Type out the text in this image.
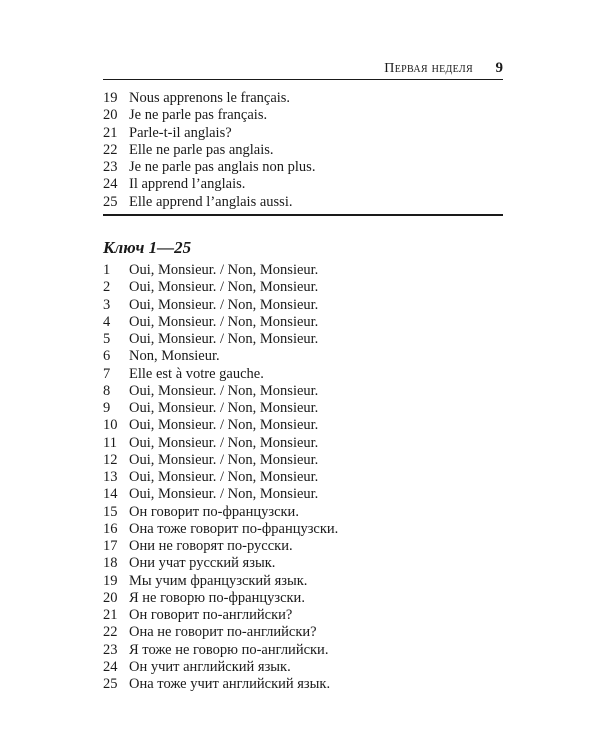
Первая неделя 9
19 Nous apprenons le français.
20 Je ne parle pas français.
21 Parle-t-il anglais?
22 Elle ne parle pas anglais.
23 Je ne parle pas anglais non plus.
24 Il apprend l’anglais.
25 Elle apprend l’anglais aussi.
Ключ 1—25
1	Oui, Monsieur. / Non, Monsieur.
2	Oui, Monsieur. / Non, Monsieur.
3	Oui, Monsieur. / Non, Monsieur.
4	Oui, Monsieur. / Non, Monsieur.
5	Oui, Monsieur. / Non, Monsieur.
6	Non, Monsieur.
7	Elle est à votre gauche.
8	Oui, Monsieur. / Non, Monsieur.
9	Oui, Monsieur. / Non, Monsieur.
10 Oui, Monsieur. / Non, Monsieur.
11 Oui, Monsieur. / Non, Monsieur.
12 Oui, Monsieur. / Non, Monsieur.
13 Oui, Monsieur. / Non, Monsieur.
14 Oui, Monsieur. / Non, Monsieur.
15 Он говорит по-французски.
16 Она тоже говорит по-французски.
17 Они не говорят по-русски.
18 Они учат русский язык.
19 Мы учим французский язык.
20 Я не говорю по-французски.
21 Он говорит по-английски?
22 Она не говорит по-английски?
23 Я тоже не говорю по-английски.
24 Он учит английский язык.
25 Она тоже учит английский язык.
